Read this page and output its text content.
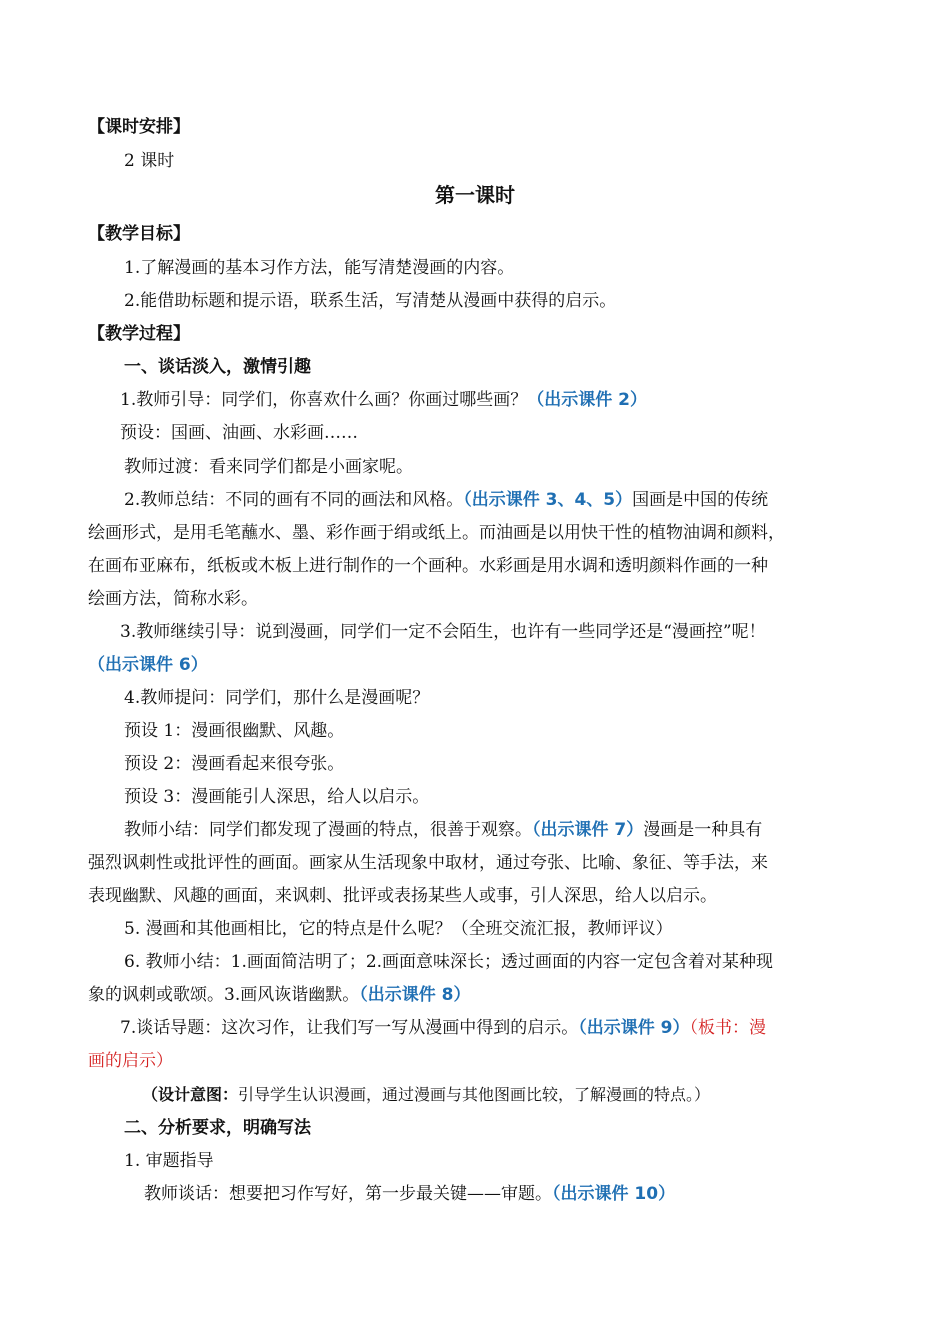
【课时安排】
2 课时
第一课时
【教学目标】
1.了解漫画的基本习作方法，能写清楚漫画的内容。
2.能借助标题和提示语，联系生活，写清楚从漫画中获得的启示。
【教学过程】
一、谈话淡入，激情引趣
1.教师引导：同学们，你喜欢什么画？你画过哪些画？（出示课件 2）
预设：国画、油画、水彩画……
教师过渡：看来同学们都是小画家呢。
2.教师总结：不同的画有不同的画法和风格。（出示课件 3、4、5）国画是中国的传统
绘画形式，是用毛笔蘸水、墨、彩作画于绢或纸上。而油画是以用快干性的植物油调和颜料，
在画布亚麻布，纸板或木板上进行制作的一个画种。水彩画是用水调和透明颜料作画的一种
绘画方法，简称水彩。
3.教师继续引导：说到漫画，同学们一定不会陌生，也许有一些同学还是“漫画控”呢！
（出示课件 6）
4.教师提问：同学们，那什么是漫画呢？
预设 1：漫画很幽默、风趣。
预设 2：漫画看起来很夸张。
预设 3：漫画能引人深思，给人以启示。
教师小结：同学们都发现了漫画的特点，很善于观察。（出示课件 7）漫画是一种具有
强烈讽刺性或批评性的画面。画家从生活现象中取材，通过夸张、比喻、象征、等手法，来
表现幽默、风趣的画面，来讽刺、批评或表扬某些人或事，引人深思，给人以启示。
5. 漫画和其他画相比，它的特点是什么呢？（全班交流汇报，教师评议）
6. 教师小结：1.画面简洁明了；2.画面意味深长；透过画面的内容一定包含着对某种现
象的讽刺或歌颂。3.画风诙谐幽默。（出示课件 8）
7.谈话导题：这次习作，让我们写一写从漫画中得到的启示。（出示课件 9）（板书：漫
画的启示）
（设计意图：引导学生认识漫画，通过漫画与其他图画比较，了解漫画的特点。）
二、分析要求，明确写法
1. 审题指导
教师谈话：想要把习作写好，第一步最关键——审题。（出示课件 10）
